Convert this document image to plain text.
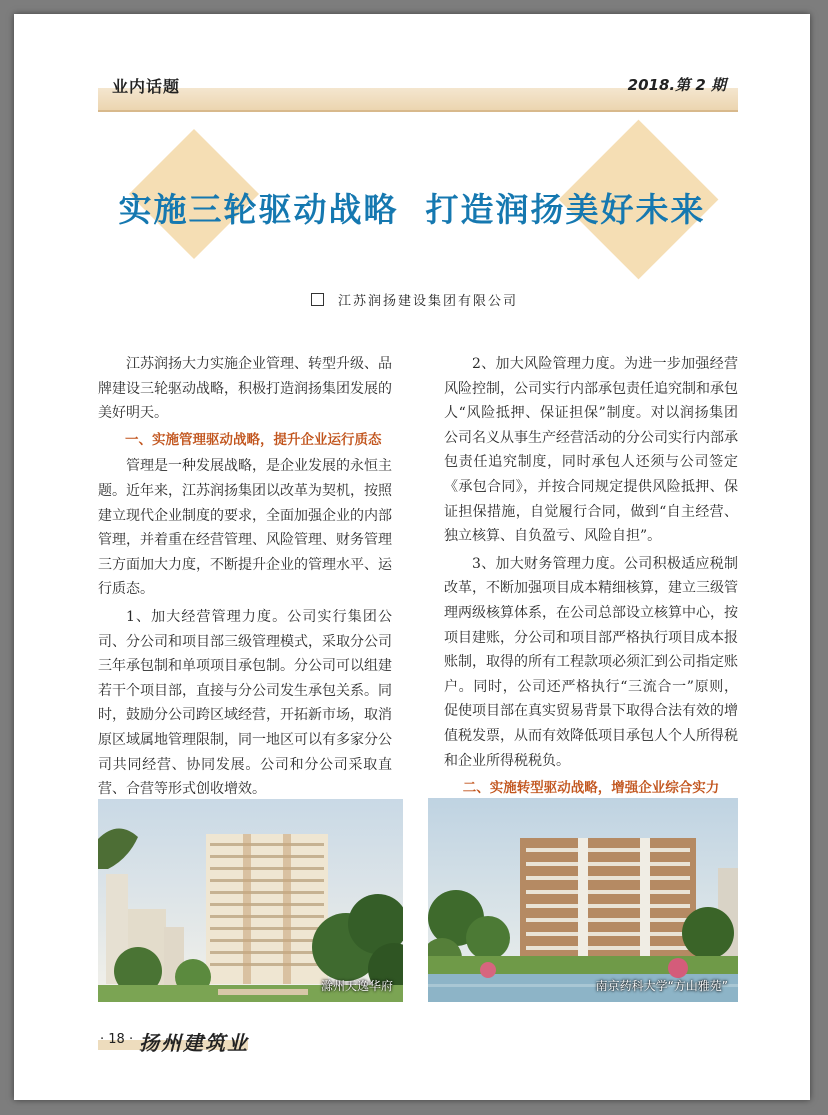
业内话题	2018.第 2 期
实施三轮驱动战略  打造润扬美好未来
江苏润扬建设集团有限公司

江苏润扬大力实施企业管理、转型升级、品牌建设三轮驱动战略，积极打造润扬集团发展的美好明天。

一、实施管理驱动战略，提升企业运行质态

管理是一种发展战略，是企业发展的永恒主题。近年来，江苏润扬集团以改革为契机，按照建立现代企业制度的要求，全面加强企业的内部管理，并着重在经营管理、风险管理、财务管理三方面加大力度，不断提升企业的管理水平、运行质态。

1、加大经营管理力度。公司实行集团公司、分公司和项目部三级管理模式，采取分公司三年承包制和单项项目承包制。分公司可以组建若干个项目部，直接与分公司发生承包关系。同时，鼓励分公司跨区域经营，开拓新市场，取消原区域属地管理限制，同一地区可以有多家分公司共同经营、协同发展。公司和分公司采取直营、合营等形式创收增效。

2、加大风险管理力度。为进一步加强经营风险控制，公司实行内部承包责任追究制和承包人“风险抵押、保证担保”制度。对以润扬集团公司名义从事生产经营活动的分公司实行内部承包责任追究制度，同时承包人还须与公司签定《承包合同》，并按合同规定提供风险抵押、保证担保措施，自觉履行合同，做到“自主经营、独立核算、自负盈亏、风险自担”。

3、加大财务管理力度。公司积极适应税制改革，不断加强项目成本精细核算，建立三级管理两级核算体系，在公司总部设立核算中心，按项目建账，分公司和项目部严格执行项目成本报账制，取得的所有工程款项必须汇到公司指定账户。同时，公司还严格执行“三流合一”原则，促使项目部在真实贸易背景下取得合法有效的增值税发票，从而有效降低项目承包人个人所得税和企业所得税税负。

二、实施转型驱动战略，增强企业综合实力

滁州天逸华府	南京药科大学“方山雅苑”
· 18 · 扬州建筑业
